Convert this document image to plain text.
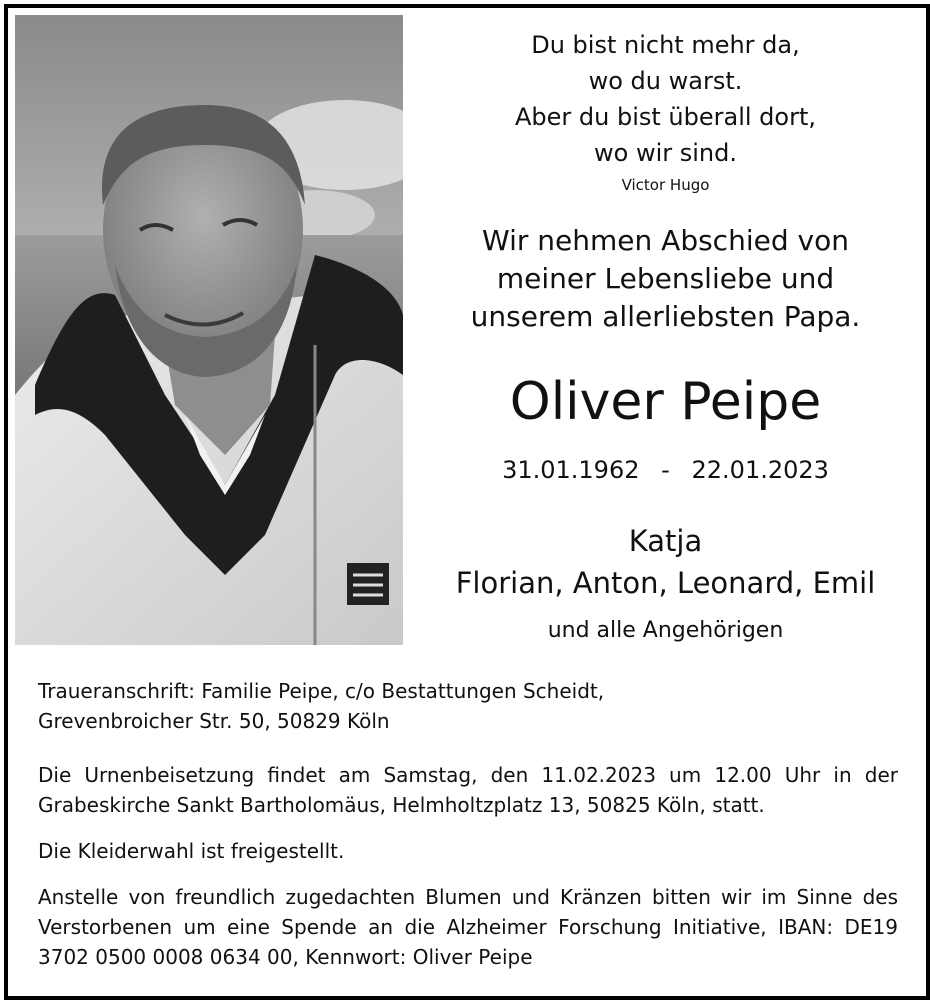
Du bist nicht mehr da,
wo du warst.
Aber du bist überall dort,
wo wir sind.
Victor Hugo
Wir nehmen Abschied von
meiner Lebensliebe und
unserem allerliebsten Papa.
Oliver Peipe
31.01.1962 - 22.01.2023
Katja
Florian, Anton, Leonard, Emil
und alle Angehörigen

Traueranschrift: Familie Peipe, c/o Bestattungen Scheidt,
Grevenbroicher Str. 50, 50829 Köln

Die Urnenbeisetzung findet am Samstag, den 11.02.2023 um 12.00 Uhr in der Grabeskirche Sankt Bartholomäus, Helmholtzplatz 13, 50825 Köln, statt.

Die Kleiderwahl ist freigestellt.

Anstelle von freundlich zugedachten Blumen und Kränzen bitten wir im Sinne des Verstorbenen um eine Spende an die Alzheimer Forschung Initiative, IBAN: DE19 3702 0500 0008 0634 00, Kennwort: Oliver Peipe
